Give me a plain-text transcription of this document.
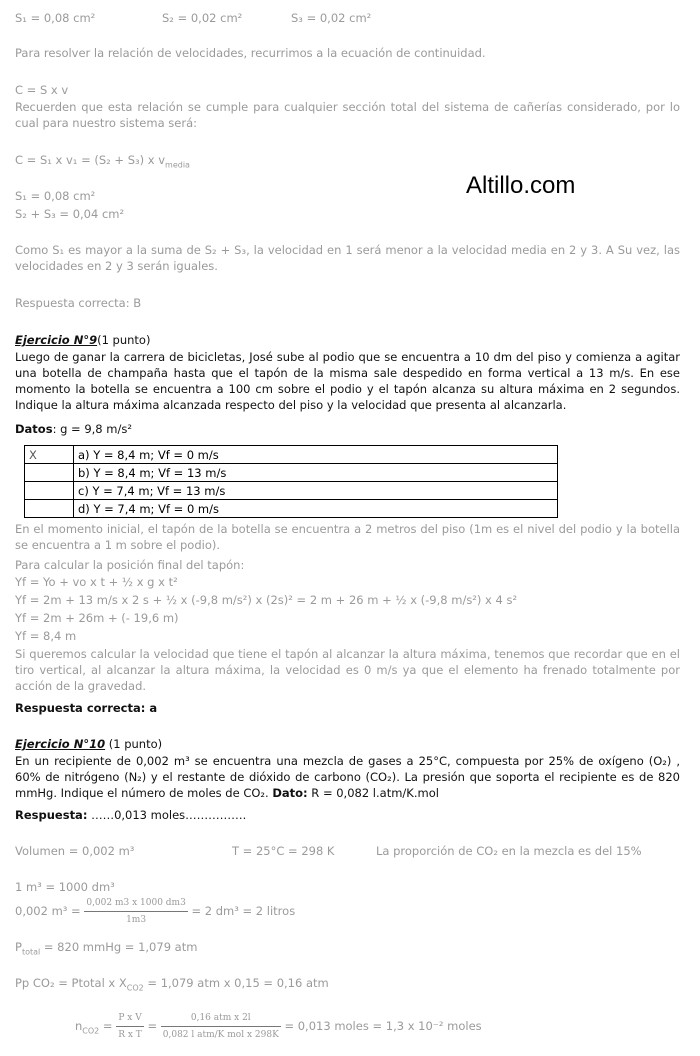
Altillo.com
S₁ = 0,08 cm²	S₂ = 0,02 cm²	S₃ = 0,02 cm²
Para resolver la relación de velocidades, recurrimos a la ecuación de continuidad.
C = S x v
Recuerden que esta relación se cumple para cualquier sección total del sistema de cañerías considerado, por lo cual para nuestro sistema será:
C = S₁ x v₁ = (S₂ + S₃) x $v_{media}$
S₁ = 0,08 cm²
S₂ + S₃ = 0,04 cm²
Como S₁ es mayor a la suma de S₂ + S₃, la velocidad en 1 será menor a la velocidad media en 2 y 3. A Su vez, las velocidades en 2 y 3 serán iguales.
Respuesta correcta: B
Ejercicio N°9(1 punto)
Luego de ganar la carrera de bicicletas, José sube al podio que se encuentra a 10 dm del piso y comienza a agitar una botella de champaña hasta que el tapón de la misma sale despedido en forma vertical a 13 m/s. En ese momento la botella se encuentra a 100 cm sobre el podio y el tapón alcanza su altura máxima en 2 segundos. Indique la altura máxima alcanzada respecto del piso y la velocidad que presenta al alcanzarla.
Datos: g = 9,8 m/s²
X	a) Y = 8,4 m; Vf = 0 m/s
	b) Y = 8,4 m; Vf = 13 m/s
	c) Y = 7,4 m; Vf = 13 m/s
	d) Y = 7,4 m; Vf = 0 m/s
En el momento inicial, el tapón de la botella se encuentra a 2 metros del piso (1m es el nivel del podio y la botella se encuentra a 1 m sobre el podio).
Para calcular la posición final del tapón:
Yf = Yo + vo x t + ½ x g x t²
Yf = 2m + 13 m/s x 2 s + ½ x (-9,8 m/s²) x (2s)² = 2 m + 26 m + ½ x (-9,8 m/s²) x 4 s²
Yf = 2m + 26m + (- 19,6 m)
Yf = 8,4 m
Si queremos calcular la velocidad que tiene el tapón al alcanzar la altura máxima, tenemos que recordar que en el tiro vertical, al alcanzar la altura máxima, la velocidad es 0 m/s ya que el elemento ha frenado totalmente por acción de la gravedad.
Respuesta correcta: a
Ejercicio N°10 (1 punto)
En un recipiente de 0,002 m³ se encuentra una mezcla de gases a 25°C, compuesta por 25% de oxígeno (O₂) , 60% de nitrógeno (N₂) y el restante de dióxido de carbono (CO₂). La presión que soporta el recipiente es de 820 mmHg. Indique el número de moles de CO₂. Dato: R = 0,082 l.atm/K.mol
Respuesta: ……0,013 moles…………….
Volumen = 0,002 m³	T = 25°C = 298 K	La proporción de CO₂ en la mezcla es del 15%
1 m³ = 1000 dm³
0,002 $m^3 = \frac{0,002 m3 x 1000 dm3}{1m3} = 2$ dm³ = 2 litros
$P_{total} = 820$ mmHg = 1,079 atm
Pp CO₂ = Ptotal x $X_{CO2} = 1,079$ atm x 0,15 = 0,16 atm
$n_{CO2} = \frac{\text{P x V}}{\text{R x T}} = \frac{\text{0,16 atm x 2l}}{\text{0,082 l atm/K mol x 298K}} = 0,013$ moles = 1,3 x 10⁻² moles
